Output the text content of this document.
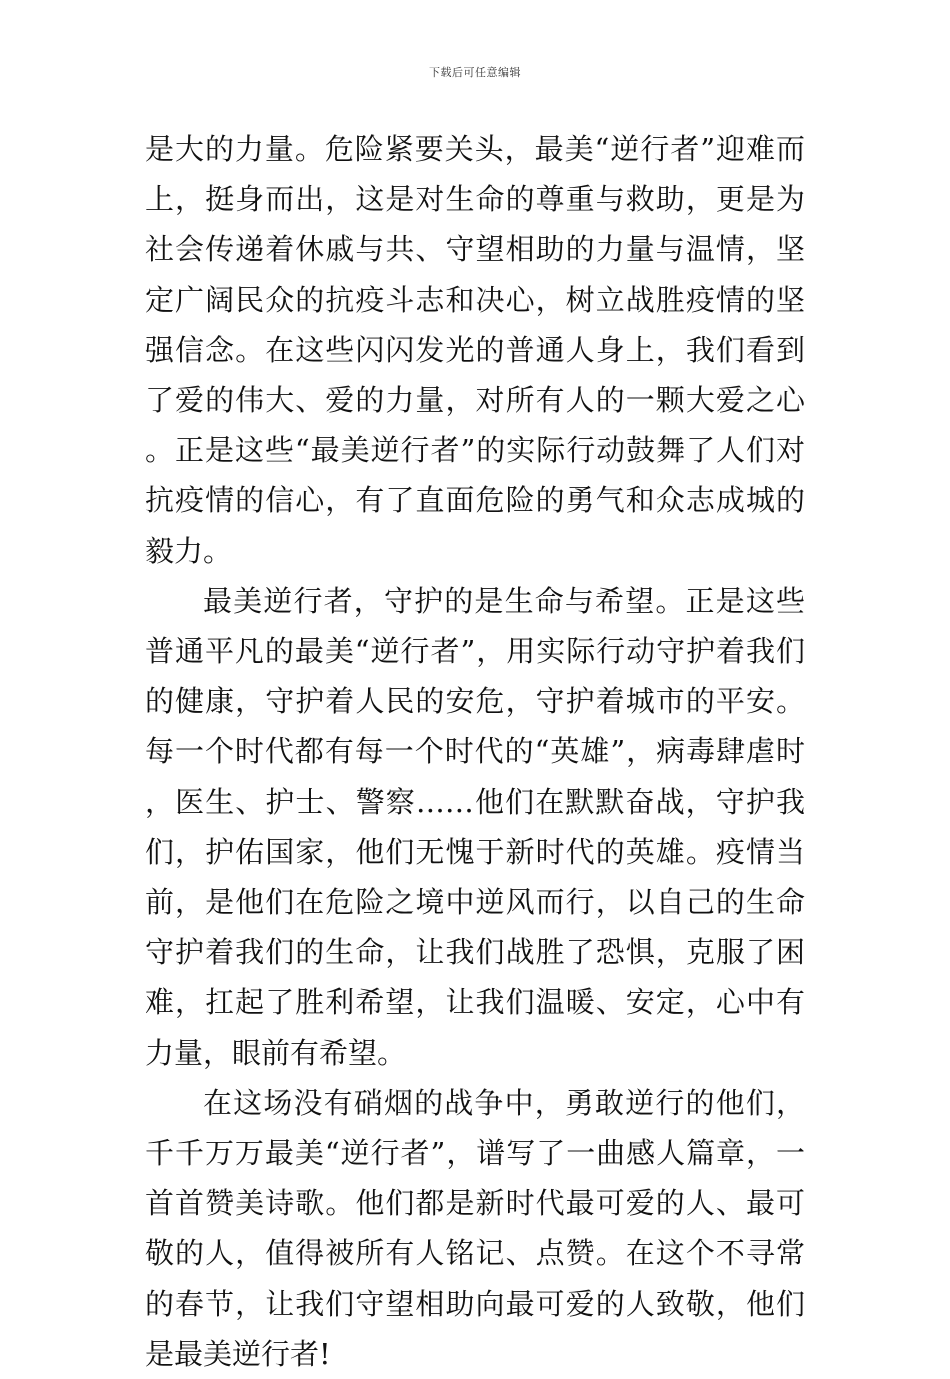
下载后可任意编辑

是大的力量。危险紧要关头，最美“逆行者”迎难而上，挺身而出，这是对生命的尊重与救助，更是为社会传递着休戚与共、守望相助的力量与温情，坚定广阔民众的抗疫斗志和决心，树立战胜疫情的坚强信念。在这些闪闪发光的普通人身上，我们看到了爱的伟大、爱的力量，对所有人的一颗大爱之心。正是这些“最美逆行者”的实际行动鼓舞了人们对抗疫情的信心，有了直面危险的勇气和众志成城的毅力。

最美逆行者，守护的是生命与希望。正是这些普通平凡的最美“逆行者”，用实际行动守护着我们的健康，守护着人民的安危，守护着城市的平安。每一个时代都有每一个时代的“英雄”，病毒肆虐时，医生、护士、警察……他们在默默奋战，守护我们，护佑国家，他们无愧于新时代的英雄。疫情当前，是他们在危险之境中逆风而行，以自己的生命守护着我们的生命，让我们战胜了恐惧，克服了困难，扛起了胜利希望，让我们温暖、安定，心中有力量，眼前有希望。

在这场没有硝烟的战争中，勇敢逆行的他们，千千万万最美“逆行者”，谱写了一曲感人篇章，一首首赞美诗歌。他们都是新时代最可爱的人、最可敬的人，值得被所有人铭记、点赞。在这个不寻常的春节，让我们守望相助向最可爱的人致敬，他们是最美逆行者!
